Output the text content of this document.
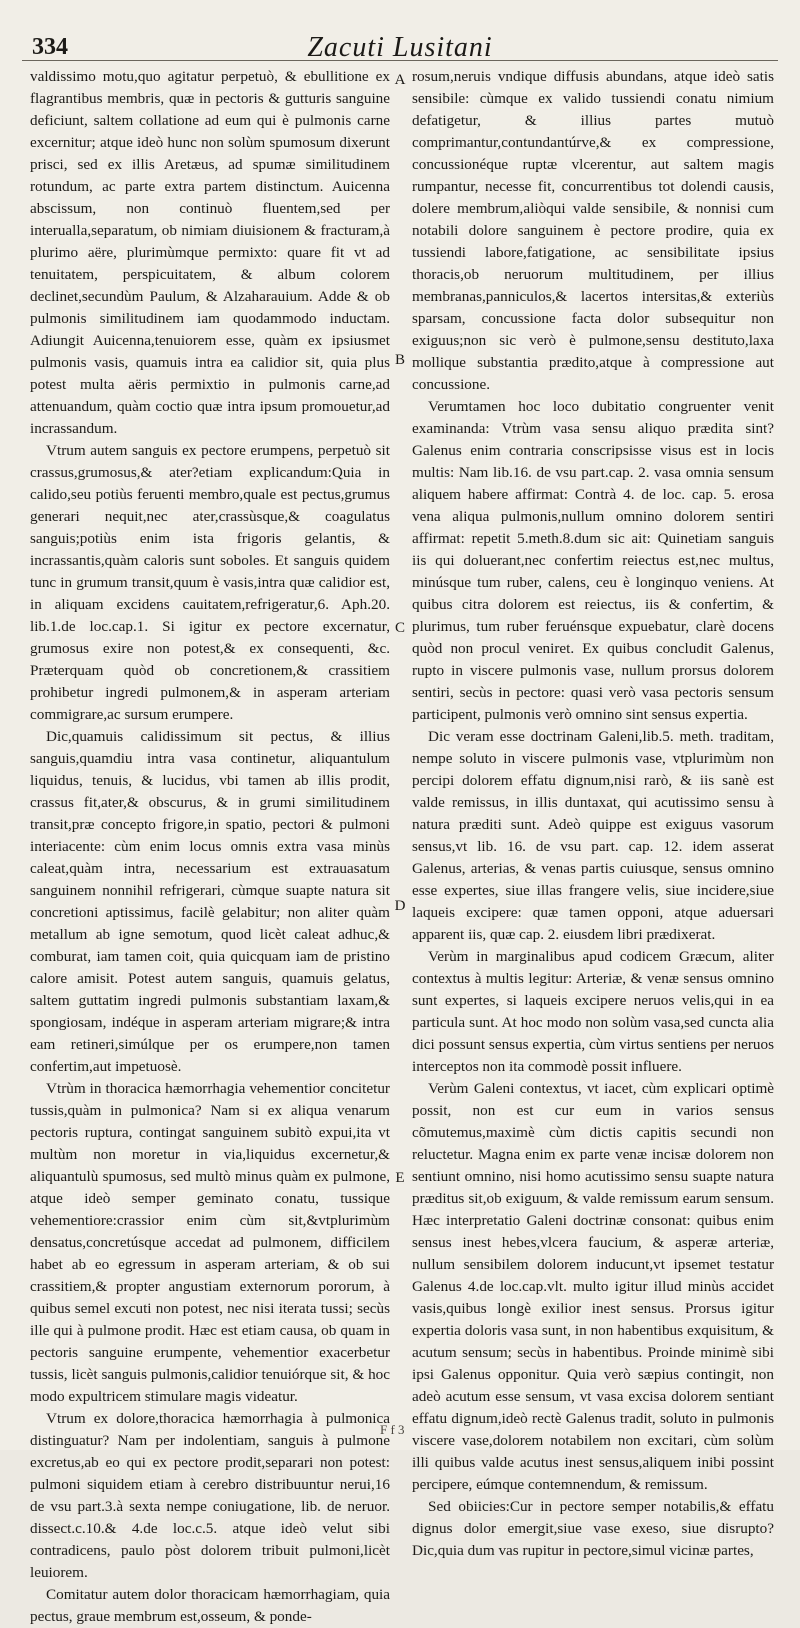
334	Zacuti Lusitani

valdissimo motu,quo agitatur perpetuò, & ebullitione ex flagrantibus membris, quæ in pectoris & gutturis sanguine deficiunt, saltem collatione ad eum qui è pulmonis carne excernitur; atque ideò hunc non solùm spumosum dixerunt prisci, sed ex illis Aretæus, ad spumæ similitudinem rotundum, ac parte extra partem distinctum. Auicenna abscissum, non continuò fluentem,sed per interualla,separatum, ob nimiam diuisionem & fracturam,à plurimo aëre, plurimùmque permixto: quare fit vt ad tenuitatem, perspicuitatem, & album colorem declinet,secundùm Paulum, & Alzaharauium. Adde & ob pulmonis similitudinem iam quodammodo inductam. Adiungit Auicenna,tenuiorem esse, quàm ex ipsiusmet pulmonis vasis, quamuis intra ea calidior sit, quia plus potest multa aëris permixtio in pulmonis carne,ad attenuandum, quàm coctio quæ intra ipsum promouetur,ad incrassandum.

Vtrum autem sanguis ex pectore erumpens, perpetuò sit crassus,grumosus,& ater?etiam explicandum:Quia in calido,seu potiùs feruenti membro,quale est pectus,grumus generari nequit,nec ater,crassùsque,& coagulatus sanguis;potiùs enim ista frigoris gelantis, & incrassantis,quàm caloris sunt soboles. Et sanguis quidem tunc in grumum transit,quum è vasis,intra quæ calidior est, in aliquam excidens cauitatem,refrigeratur,6. Aph.20. lib.1.de loc.cap.1. Si igitur ex pectore excernatur, grumosus exire non potest,& ex consequenti, &c. Præterquam quòd ob concretionem,& crassitiem prohibetur ingredi pulmonem,& in asperam arteriam commigrare,ac sursum erumpere.

Dic,quamuis calidissimum sit pectus, & illius sanguis,quamdiu intra vasa continetur, aliquantulum liquidus, tenuis, & lucidus, vbi tamen ab illis prodit, crassus fit,ater,& obscurus, & in grumi similitudinem transit,præ concepto frigore,in spatio, pectori & pulmoni interiacente: cùm enim locus omnis extra vasa minùs caleat,quàm intra, necessarium est extrauasatum sanguinem nonnihil refrigerari, cùmque suapte natura sit concretioni aptissimus, facilè gelabitur; non aliter quàm metallum ab igne semotum, quod licèt caleat adhuc,& comburat, iam tamen coit, quia quicquam iam de pristino calore amisit. Potest autem sanguis, quamuis gelatus, saltem guttatim ingredi pulmonis substantiam laxam,& spongiosam, indéque in asperam arteriam migrare;& intra eam retineri,simúlque per os erumpere,non tamen confertim,aut impetuosè.

Vtrùm in thoracica hæmorrhagia vehementior concitetur tussis,quàm in pulmonica? Nam si ex aliqua venarum pectoris ruptura, contingat sanguinem subitò expui,ita vt multùm non moretur in via,liquidus excernetur,& aliquantulù spumosus, sed multò minus quàm ex pulmone, atque ideò semper geminato conatu, tussique vehementiore:crassior enim cùm sit,&vtplurimùm densatus,concretúsque accedat ad pulmonem, difficilem habet ab eo egressum in asperam arteriam, & ob sui crassitiem,& propter angustiam externorum pororum, à quibus semel excuti non potest, nec nisi iterata tussi; secùs ille qui à pulmone prodit. Hæc est etiam causa, ob quam in pectoris sanguine erumpente, vehementior exacerbetur tussis, licèt sanguis pulmonis,calidior tenuiórque sit, & hoc modo expultricem stimulare magis videatur.

Vtrum ex dolore,thoracica hæmorrhagia à pulmonica distinguatur? Nam per indolentiam, sanguis à pulmone excretus,ab eo qui ex pectore prodit,separari non potest: pulmoni siquidem etiam à cerebro distribuuntur nerui,16 de vsu part.3.à sexta nempe coniugatione, lib. de neruor. dissect.c.10.& 4.de loc.c.5. atque ideò velut sibi contradicens, paulo pòst dolorem tribuit pulmoni,licèt leuiorem.

Comitatur autem dolor thoracicam hæmorrhagiam, quia pectus, graue membrum est,osseum, & ponde-

A
B
C
D
E

rosum,neruis vndique diffusis abundans, atque ideò satis sensibile: cùmque ex valido tussiendi conatu nimium defatigetur, & illius partes mutuò comprimantur,contundantúrve,& ex compressione, concussionéque ruptæ vlcerentur, aut saltem magis rumpantur, necesse fit, concurrentibus tot dolendi causis, dolere membrum,aliòqui valde sensibile, & nonnisi cum notabili dolore sanguinem è pectore prodire, quia ex tussiendi labore,fatigatione, ac sensibilitate ipsius thoracis,ob neruorum multitudinem, per illius membranas,panniculos,& lacertos intersitas,& exteriùs sparsam, concussione facta dolor subsequitur non exiguus;non sic verò è pulmone,sensu destituto,laxa mollique substantia prædito,atque à compressione aut concussione.

Verumtamen hoc loco dubitatio congruenter venit examinanda: Vtrùm vasa sensu aliquo prædita sint? Galenus enim contraria conscripsisse visus est in locis multis: Nam lib.16. de vsu part.cap. 2. vasa omnia sensum aliquem habere affirmat: Contrà 4. de loc. cap. 5. erosa vena aliqua pulmonis,nullum omnino dolorem sentiri affirmat: repetit 5.meth.8.dum sic ait: Quinetiam sanguis iis qui doluerant,nec confertim reiectus est,nec multus, minúsque tum ruber, calens, ceu è longinquo veniens. At quibus citra dolorem est reiectus, iis & confertim, & plurimus, tum ruber feruénsque expuebatur, clarè docens quòd non procul veniret. Ex quibus concludit Galenus, rupto in viscere pulmonis vase, nullum prorsus dolorem sentiri, secùs in pectore: quasi verò vasa pectoris sensum participent, pulmonis verò omnino sint sensus expertia.

Dic veram esse doctrinam Galeni,lib.5. meth. traditam, nempe soluto in viscere pulmonis vase, vtplurimùm non percipi dolorem effatu dignum,nisi rarò, & iis sanè est valde remissus, in illis duntaxat, qui acutissimo sensu à natura præditi sunt. Adeò quippe est exiguus vasorum sensus,vt lib. 16. de vsu part. cap. 12. idem asserat Galenus, arterias, & venas partis cuiusque, sensus omnino esse expertes, siue illas frangere velis, siue incidere,siue laqueis excipere: quæ tamen opponi, atque aduersari apparent iis, quæ cap. 2. eiusdem libri prædixerat.

Verùm in marginalibus apud codicem Græcum, aliter contextus à multis legitur: Arteriæ, & venæ sensus omnino sunt expertes, si laqueis excipere neruos velis,qui in ea particula sunt. At hoc modo non solùm vasa,sed cuncta alia dici possunt sensus expertia, cùm virtus sentiens per neruos interceptos non ita commodè possit influere.

Verùm Galeni contextus, vt iacet, cùm explicari optimè possit, non est cur eum in varios sensus cõmutemus,maximè cùm dictis capitis secundi non reluctetur. Magna enim ex parte venæ incisæ dolorem non sentiunt omnino, nisi homo acutissimo sensu suapte natura præditus sit,ob exiguum, & valde remissum earum sensum. Hæc interpretatio Galeni doctrinæ consonat: quibus enim sensus inest hebes,vlcera faucium, & asperæ arteriæ, nullum sensibilem dolorem inducunt,vt ipsemet testatur Galenus 4.de loc.cap.vlt. multo igitur illud minùs accidet vasis,quibus longè exilior inest sensus. Prorsus igitur expertia doloris vasa sunt, in non habentibus exquisitum, & acutum sensum; secùs in habentibus. Proinde minimè sibi ipsi Galenus opponitur. Quia verò sæpius contingit, non adeò acutum esse sensum, vt vasa excisa dolorem sentiant effatu dignum,ideò rectè Galenus tradit, soluto in pulmonis viscere vase,dolorem notabilem non excitari, cùm solùm illi quibus valde acutus inest sensus,aliquem inibi possint percipere, eúmque contemnendum, & remissum.

Sed obiicies:Cur in pectore semper notabilis,& effatu dignus dolor emergit,siue vase exeso, siue disrupto? Dic,quia dum vas rupitur in pectore,simul vicinæ partes,

F f 3
